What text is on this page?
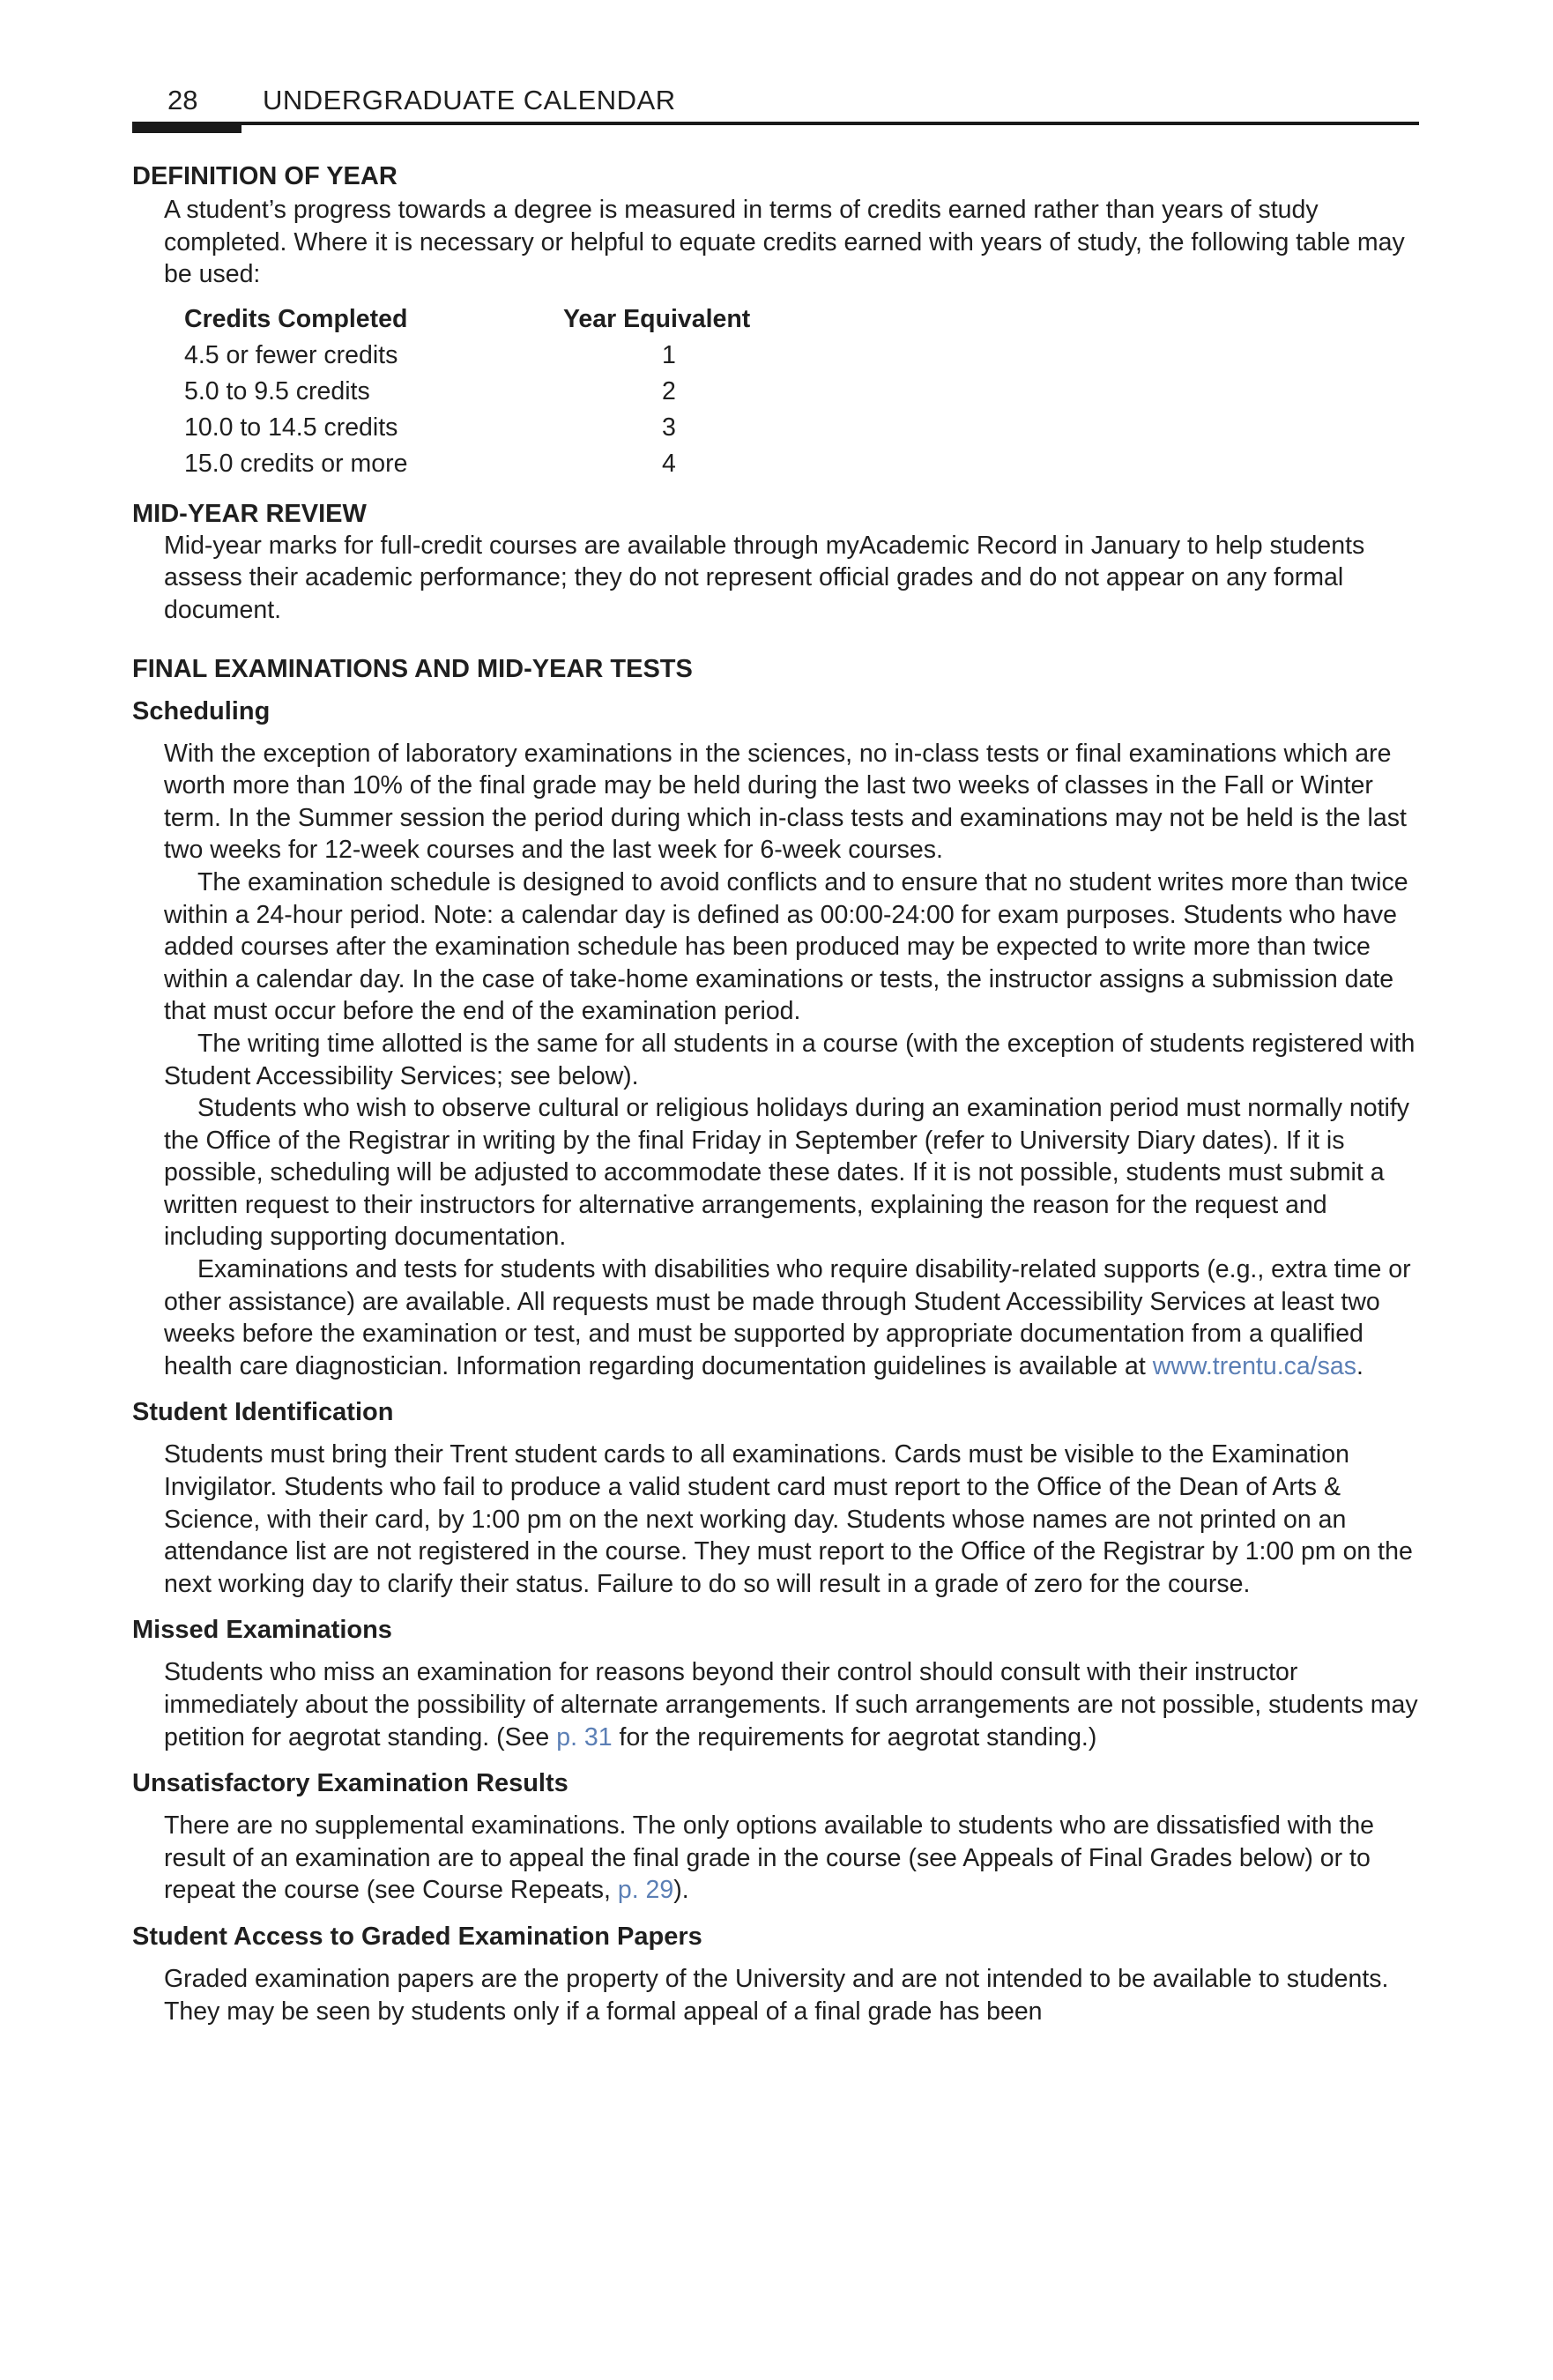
28 UNDERGRADUATE CALENDAR
DEFINITION OF YEAR

A student’s progress towards a degree is measured in terms of credits earned rather than years of study completed. Where it is necessary or helpful to equate credits earned with years of study, the following table may be used:

Credits Completed	Year Equivalent
4.5 or fewer credits	1
5.0 to 9.5 credits	2
10.0 to 14.5 credits	3
15.0 credits or more	4
MID-YEAR REVIEW

Mid-year marks for full-credit courses are available through myAcademic Record in January to help students assess their academic performance; they do not represent official grades and do not appear on any formal document.

FINAL EXAMINATIONS AND MID-YEAR TESTS
Scheduling

With the exception of laboratory examinations in the sciences, no in-class tests or final examinations which are worth more than 10% of the final grade may be held during the last two weeks of classes in the Fall or Winter term. In the Summer session the period during which in-class tests and examinations may not be held is the last two weeks for 12-week courses and the last week for 6-week courses.

The examination schedule is designed to avoid conflicts and to ensure that no student writes more than twice within a 24-hour period. Note: a calendar day is defined as 00:00-24:00 for exam purposes. Students who have added courses after the examination schedule has been produced may be expected to write more than twice within a calendar day. In the case of take-home examinations or tests, the instructor assigns a submission date that must occur before the end of the examination period.

The writing time allotted is the same for all students in a course (with the exception of students registered with Student Accessibility Services; see below).

Students who wish to observe cultural or religious holidays during an examination period must normally notify the Office of the Registrar in writing by the final Friday in September (refer to University Diary dates). If it is possible, scheduling will be adjusted to accommodate these dates. If it is not possible, students must submit a written request to their instructors for alternative arrangements, explaining the reason for the request and including supporting documentation.

Examinations and tests for students with disabilities who require disability-related supports (e.g., extra time or other assistance) are available. All requests must be made through Student Accessibility Services at least two weeks before the examination or test, and must be supported by appropriate documentation from a qualified health care diagnostician. Information regarding documentation guidelines is available at www.trentu.ca/sas.

Student Identification

Students must bring their Trent student cards to all examinations. Cards must be visible to the Examination Invigilator. Students who fail to produce a valid student card must report to the Office of the Dean of Arts & Science, with their card, by 1:00 pm on the next working day. Students whose names are not printed on an attendance list are not registered in the course. They must report to the Office of the Registrar by 1:00 pm on the next working day to clarify their status. Failure to do so will result in a grade of zero for the course.

Missed Examinations

Students who miss an examination for reasons beyond their control should consult with their instructor immediately about the possibility of alternate arrangements. If such arrangements are not possible, students may petition for aegrotat standing. (See p. 31 for the requirements for aegrotat standing.)

Unsatisfactory Examination Results

There are no supplemental examinations. The only options available to students who are dissatisfied with the result of an examination are to appeal the final grade in the course (see Appeals of Final Grades below) or to repeat the course (see Course Repeats, p. 29).

Student Access to Graded Examination Papers

Graded examination papers are the property of the University and are not intended to be available to students. They may be seen by students only if a formal appeal of a final grade has been
